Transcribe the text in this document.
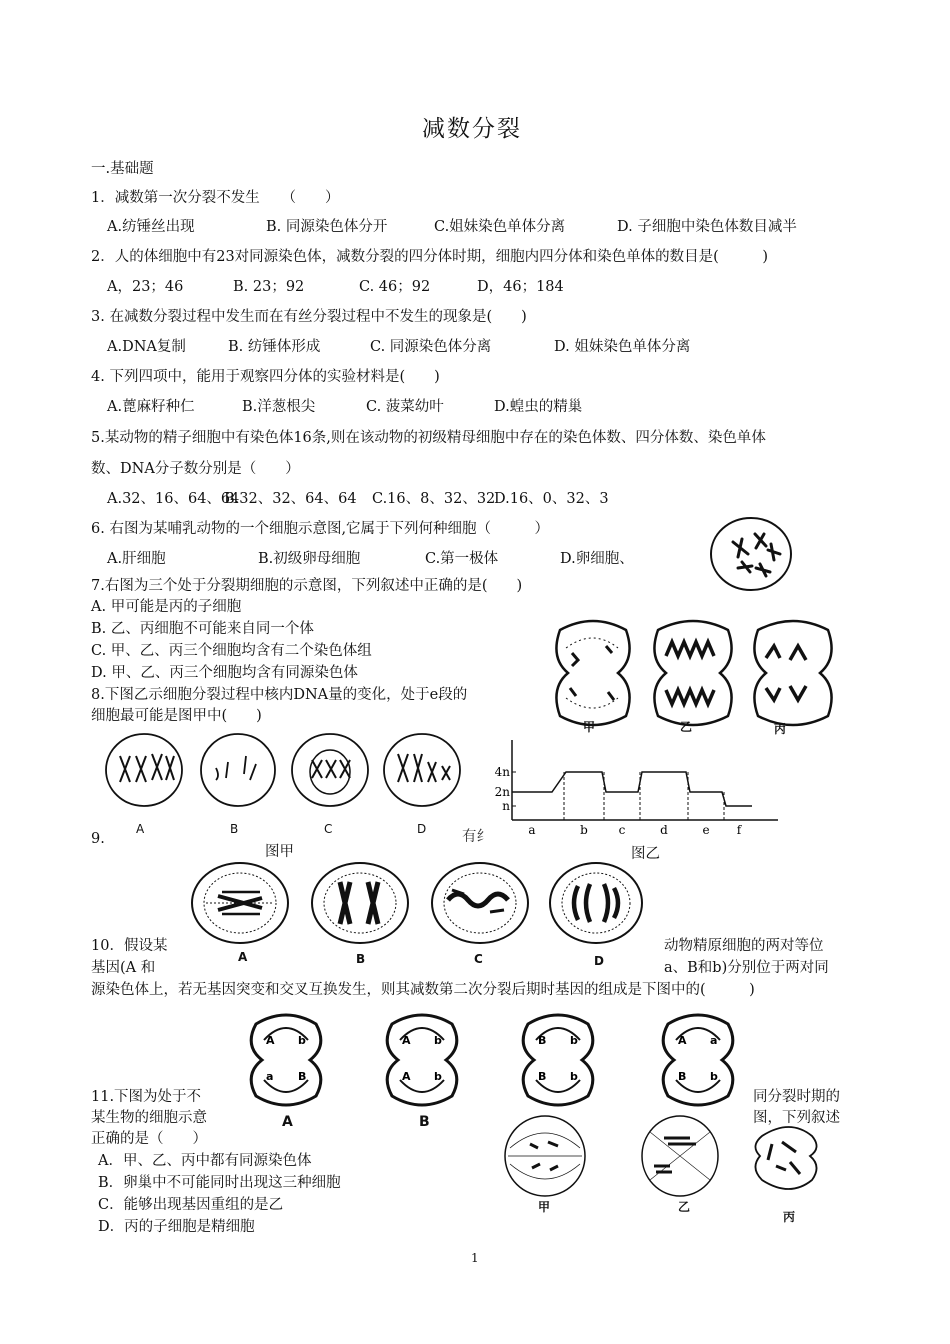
减数分裂
一.基础题
1．减数第一次分裂不发生　　（　　）
A.纺锤丝出现	B. 同源染色体分开	C.姐妹染色单体分离	D. 子细胞中染色体数目减半
2．人的体细胞中有23对同源染色体，减数分裂的四分体时期，细胞内四分体和染色单体的数目是(　　　)
A，23；46	B. 23；92	C. 46；92	D，46；184
3. 在减数分裂过程中发生而在有丝分裂过程中不发生的现象是(　　)
A.DNA复制	B. 纺锤体形成	C. 同源染色体分离	D. 姐妹染色单体分离
4. 下列四项中，能用于观察四分体的实验材料是(　　)
A.蓖麻籽种仁	B.洋葱根尖	C. 菠菜幼叶	D.蝗虫的精巢
5.某动物的精子细胞中有染色体16条,则在该动物的初级精母细胞中存在的染色体数、四分体数、染色单体
数、DNA分子数分别是（　　）
A.32、16、64、64
B.32、32、64、64 C.16、8、32、32
D.16、0、32、3
6. 右图为某哺乳动物的一个细胞示意图,它属于下列何种细胞（　　　）
A.肝细胞	B.初级卵母细胞	C.第一极体	D.卵细胞、
7.右图为三个处于分裂期细胞的示意图，下列叙述中正确的是(　　)
A. 甲可能是丙的子细胞
B. 乙、丙细胞不可能来自同一个体
C. 甲、乙、丙三个细胞均含有二个染色体组
D. 甲、乙、丙三个细胞均含有同源染色体
甲	乙	丙
8.下图乙示细胞分裂过程中核内DNA量的变化，处于e段的
细胞最可能是图甲中(　　)
A	B	C	D
图甲
4n
2n
n
a	b	c	d	e f
图乙
9.	有纟
A	B	C	D
10．假设某	动物精原细胞的两对等位
基因(A 和	a、B和b)分别位于两对同
源染色体上，若无基因突变和交叉互换发生，则其减数第二次分裂后期时基因的组成是下图中的(　　　)
A b
a B
A b
A b
B b
B b
A a
B b
A	B
11.下图为处于不	同分裂时期的
某生物的细胞示意	图，下列叙述
正确的是（　　）
A．甲、乙、丙中都有同源染色体
B．卵巢中不可能同时出现这三种细胞
C．能够出现基因重组的是乙
D．丙的子细胞是精细胞
甲	乙
丙
1
